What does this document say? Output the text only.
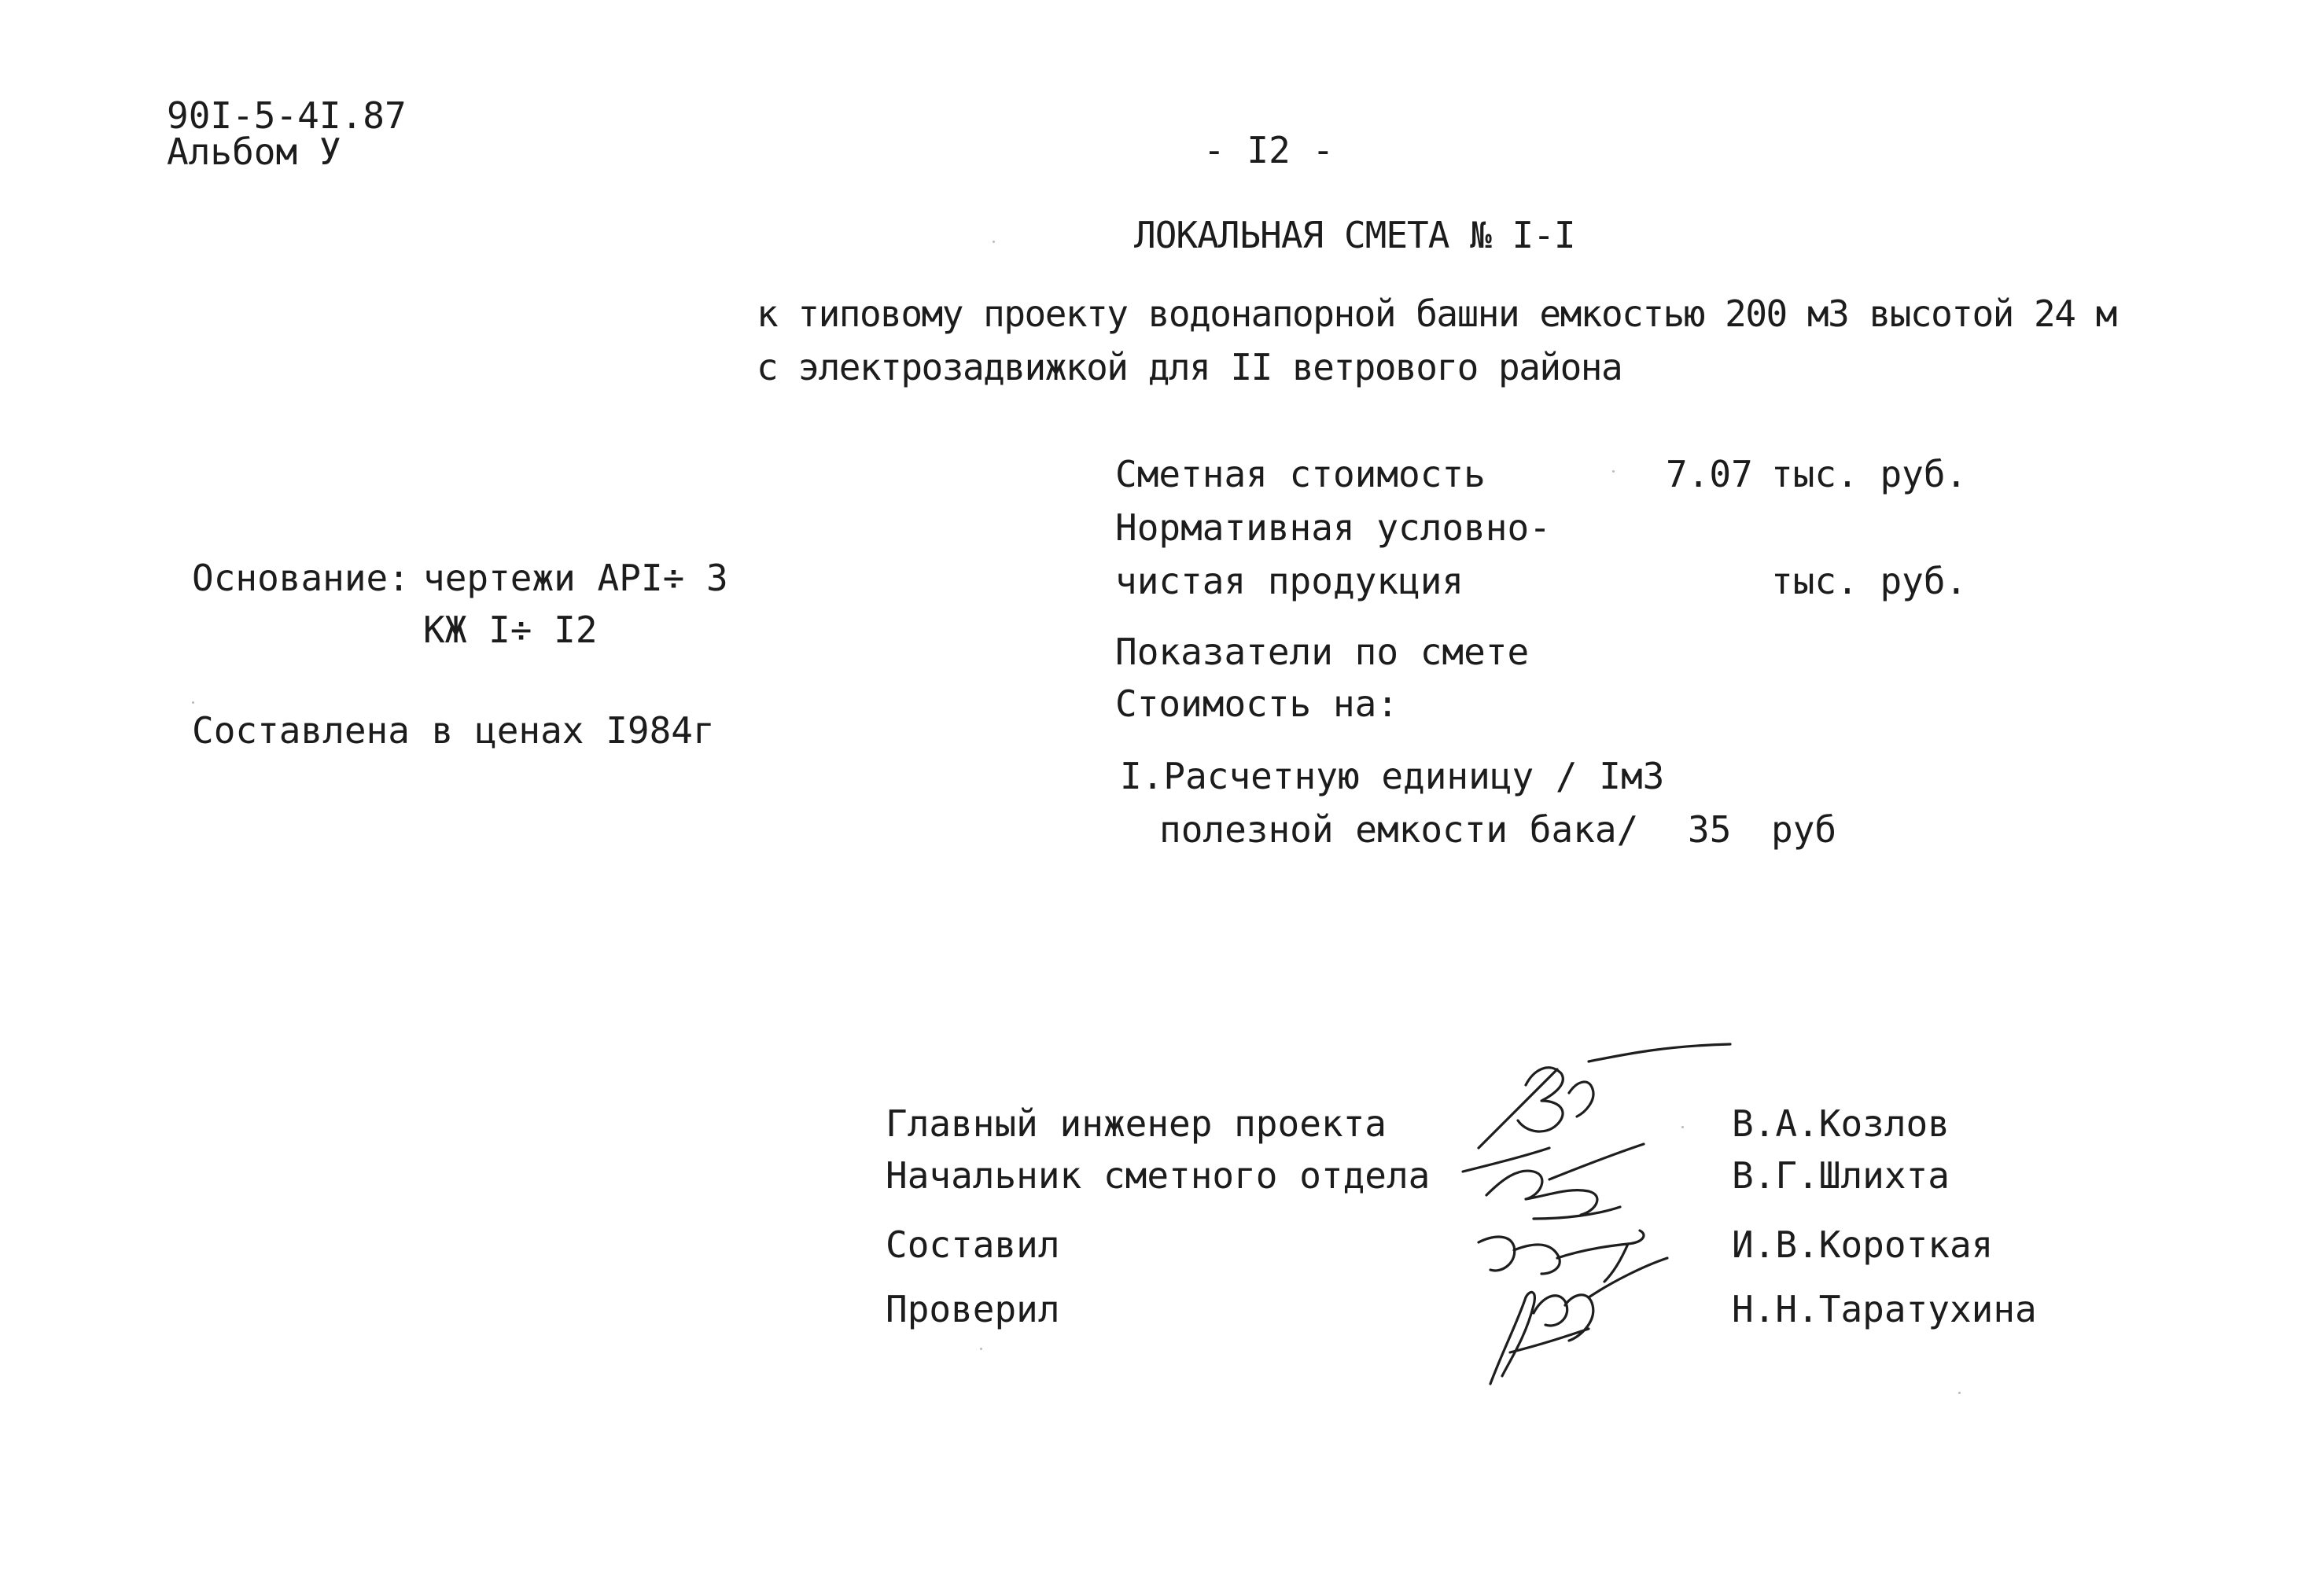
90I-5-4I.87
Альбом У	- I2 -
ЛОКАЛЬНАЯ СМЕТА № I-I
к типовому проекту водонапорной башни емкостью 200 м3 высотой 24 м
с электрозадвижкой для II ветрового района
Сметная стоимость	7.07 тыс. руб.
Нормативная условно-
чистая продукция	тыс. руб.
Показатели по смете
Стоимость на:
I.Расчетную единицу / Iм3
полезной емкости бака/ 35 руб
Основание: чертежи АРI÷ 3
КЖ I÷ I2
Составлена в ценах I984г
Главный инженер проекта	В.А.Козлов
Начальник сметного отдела	В.Г.Шлихта
Составил	И.В.Короткая
Проверил	Н.Н.Таратухина
